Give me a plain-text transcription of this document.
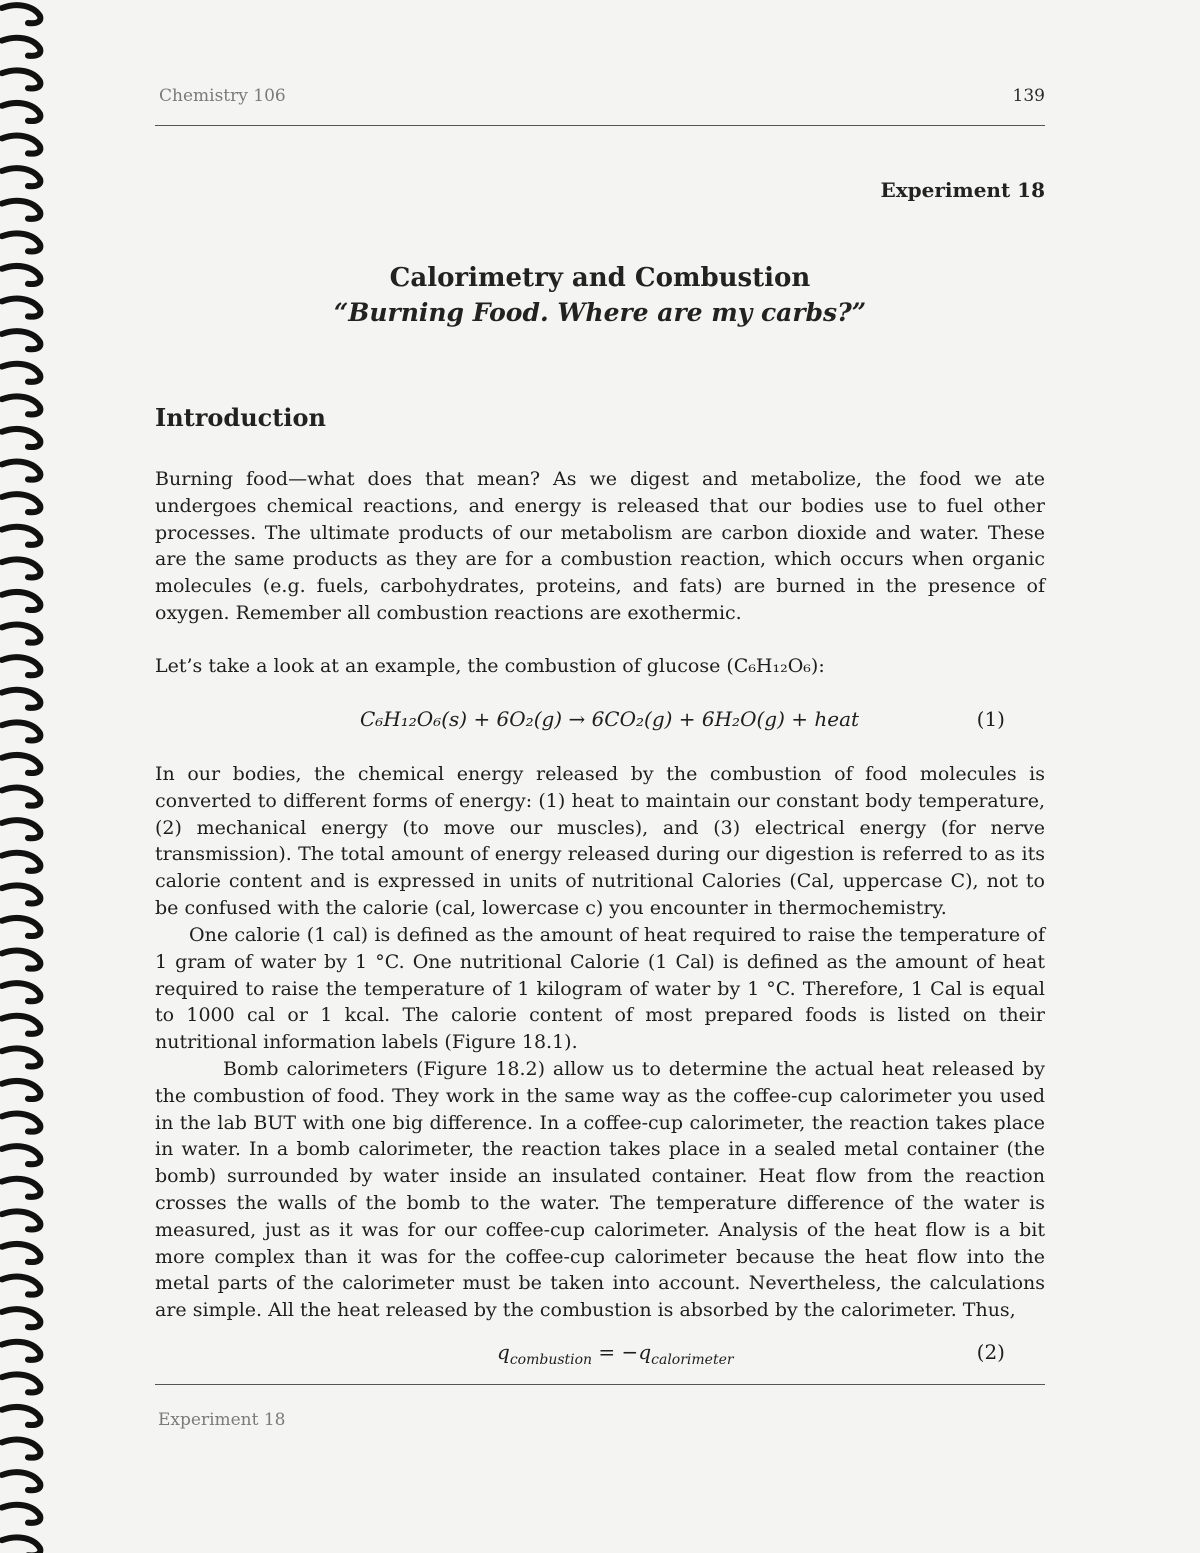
Chemistry 106	139
Experiment 18
Calorimetry and Combustion
“Burning Food. Where are my carbs?”
Introduction

Burning food—what does that mean? As we digest and metabolize, the food we ate undergoes chemical reactions, and energy is released that our bodies use to fuel other processes. The ultimate products of our metabolism are carbon dioxide and water. These are the same products as they are for a combustion reaction, which occurs when organic molecules (e.g. fuels, carbohydrates, proteins, and fats) are burned in the presence of oxygen. Remember all combustion reactions are exothermic.

Let’s take a look at an example, the combustion of glucose (C₆H₁₂O₆):

C₆H₁₂O₆(s) + 6O₂(g) → 6CO₂(g) + 6H₂O(g) + heat	(1)

In our bodies, the chemical energy released by the combustion of food molecules is converted to different forms of energy: (1) heat to maintain our constant body temperature, (2) mechanical energy (to move our muscles), and (3) electrical energy (for nerve transmission). The total amount of energy released during our digestion is referred to as its calorie content and is expressed in units of nutritional Calories (Cal, uppercase C), not to be confused with the calorie (cal, lowercase c) you encounter in thermochemistry.

One calorie (1 cal) is defined as the amount of heat required to raise the temperature of 1 gram of water by 1 °C. One nutritional Calorie (1 Cal) is defined as the amount of heat required to raise the temperature of 1 kilogram of water by 1 °C. Therefore, 1 Cal is equal to 1000 cal or 1 kcal. The calorie content of most prepared foods is listed on their nutritional information labels (Figure 18.1).

Bomb calorimeters (Figure 18.2) allow us to determine the actual heat released by the combustion of food. They work in the same way as the coffee-cup calorimeter you used in the lab BUT with one big difference. In a coffee-cup calorimeter, the reaction takes place in water. In a bomb calorimeter, the reaction takes place in a sealed metal container (the bomb) surrounded by water inside an insulated container. Heat flow from the reaction crosses the walls of the bomb to the water. The temperature difference of the water is measured, just as it was for our coffee-cup calorimeter. Analysis of the heat flow is a bit more complex than it was for the coffee-cup calorimeter because the heat flow into the metal parts of the calorimeter must be taken into account. Nevertheless, the calculations are simple. All the heat released by the combustion is absorbed by the calorimeter. Thus,

$q_{combustion} = -q_{calorimeter}$	(2)
Experiment 18
